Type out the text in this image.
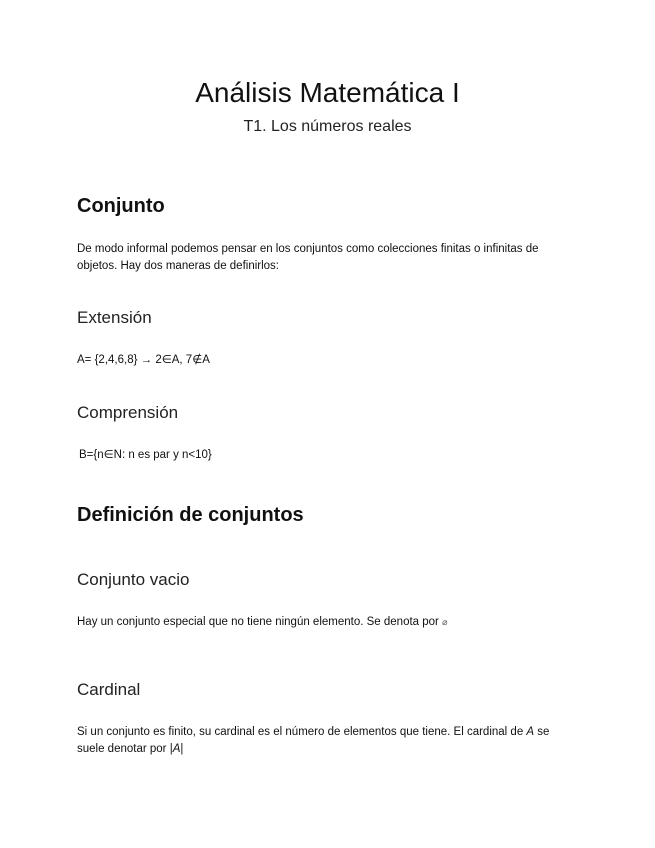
Análisis Matemática I
T1. Los números reales
Conjunto

De modo informal podemos pensar en los conjuntos como colecciones finitas o infinitas de objetos. Hay dos maneras de definirlos:

Extensión

A= {2,4,6,8} → 2∈A, 7∉A

Comprensión

B={n∈N: n es par y n<10}

Definición de conjuntos
Conjunto vacio

Hay un conjunto especial que no tiene ningún elemento. Se denota por ⌀

Cardinal

Si un conjunto es finito, su cardinal es el número de elementos que tiene. El cardinal de A se suele denotar por |A|
